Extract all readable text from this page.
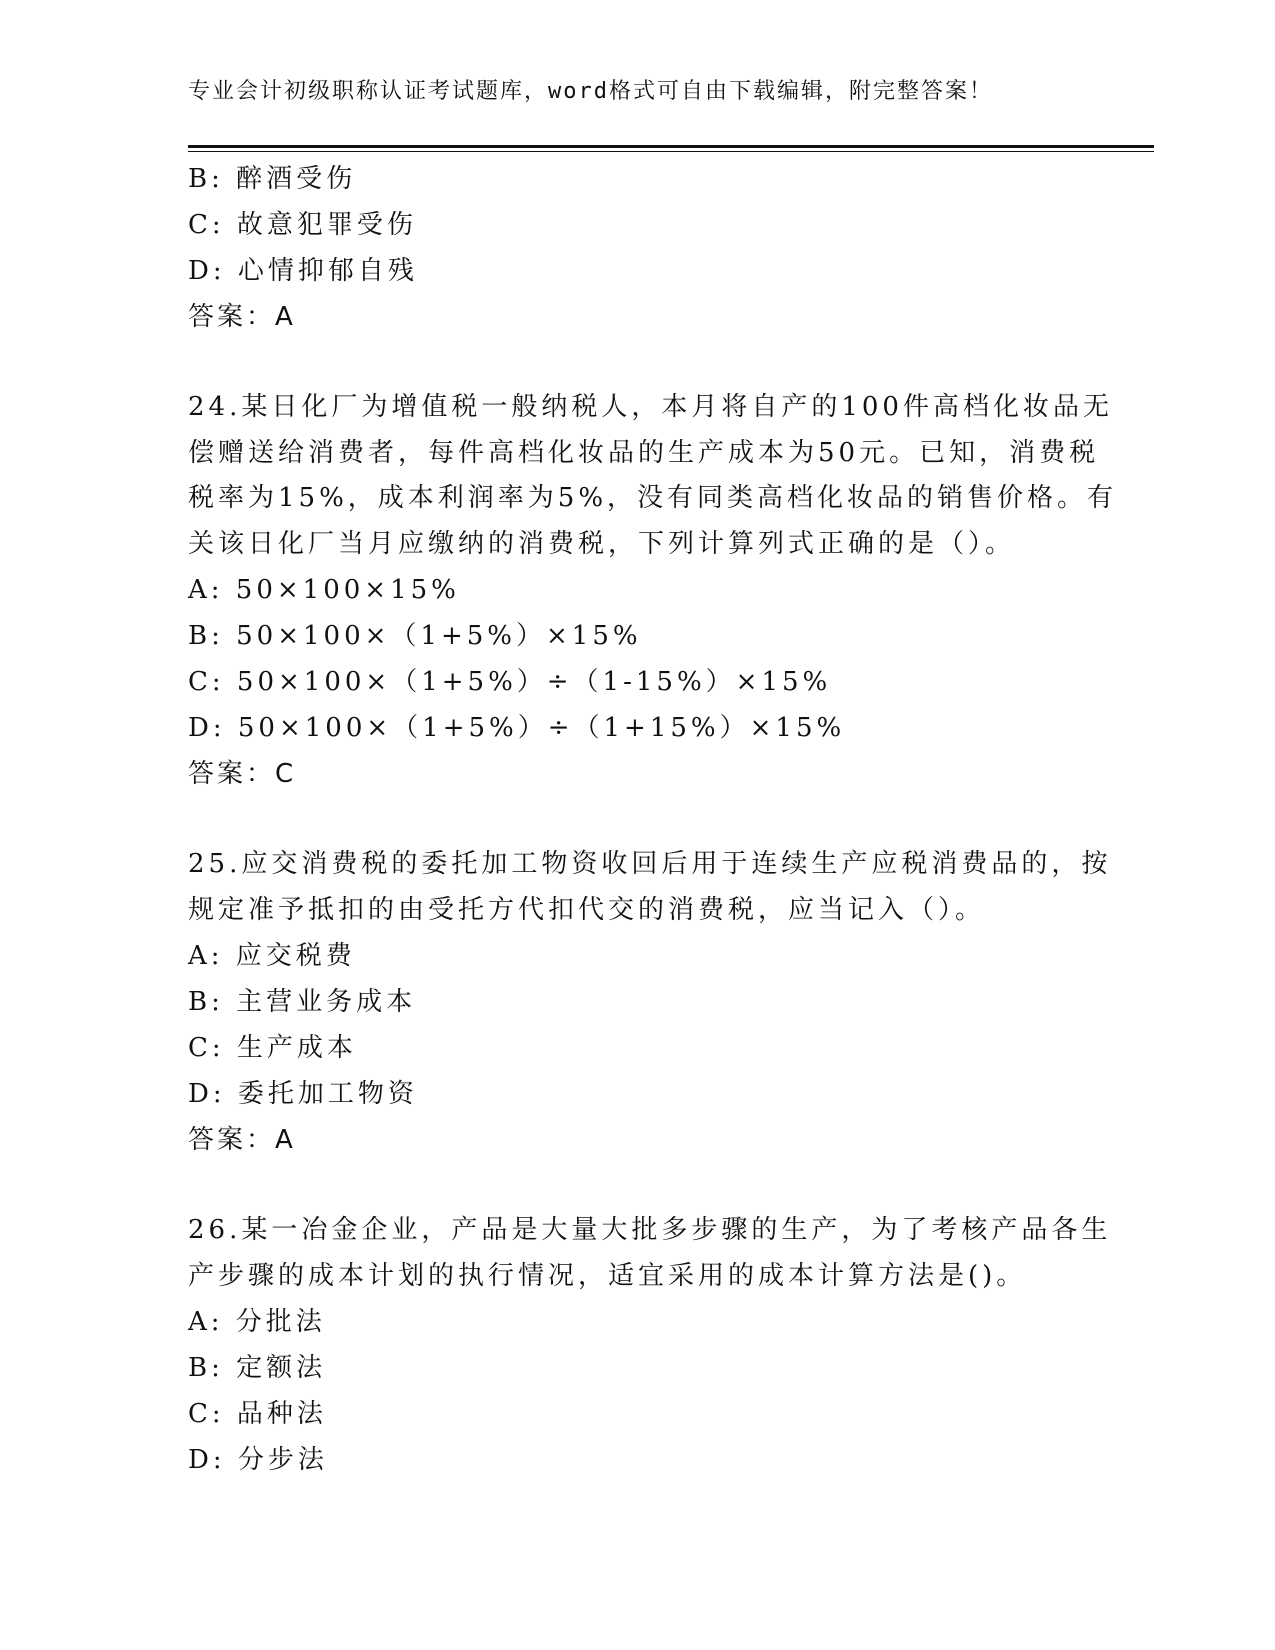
专业会计初级职称认证考试题库，word格式可自由下载编辑，附完整答案！
B: 醉酒受伤
C: 故意犯罪受伤
D: 心情抑郁自残
答案：A
24.某日化厂为增值税一般纳税人，本月将自产的100件高档化妆品无
偿赠送给消费者，每件高档化妆品的生产成本为50元。已知，消费税
税率为15%，成本利润率为5%，没有同类高档化妆品的销售价格。有
关该日化厂当月应缴纳的消费税，下列计算列式正确的是（）。
A: 50×100×15%
B: 50×100×（1+5%）×15%
C: 50×100×（1+5%）÷（1-15%）×15%
D: 50×100×（1+5%）÷（1+15%）×15%
答案：C
25.应交消费税的委托加工物资收回后用于连续生产应税消费品的，按
规定准予抵扣的由受托方代扣代交的消费税，应当记入（）。
A: 应交税费
B: 主营业务成本
C: 生产成本
D: 委托加工物资
答案：A
26.某一冶金企业，产品是大量大批多步骤的生产，为了考核产品各生
产步骤的成本计划的执行情况，适宜采用的成本计算方法是()。
A: 分批法
B: 定额法
C: 品种法
D: 分步法
